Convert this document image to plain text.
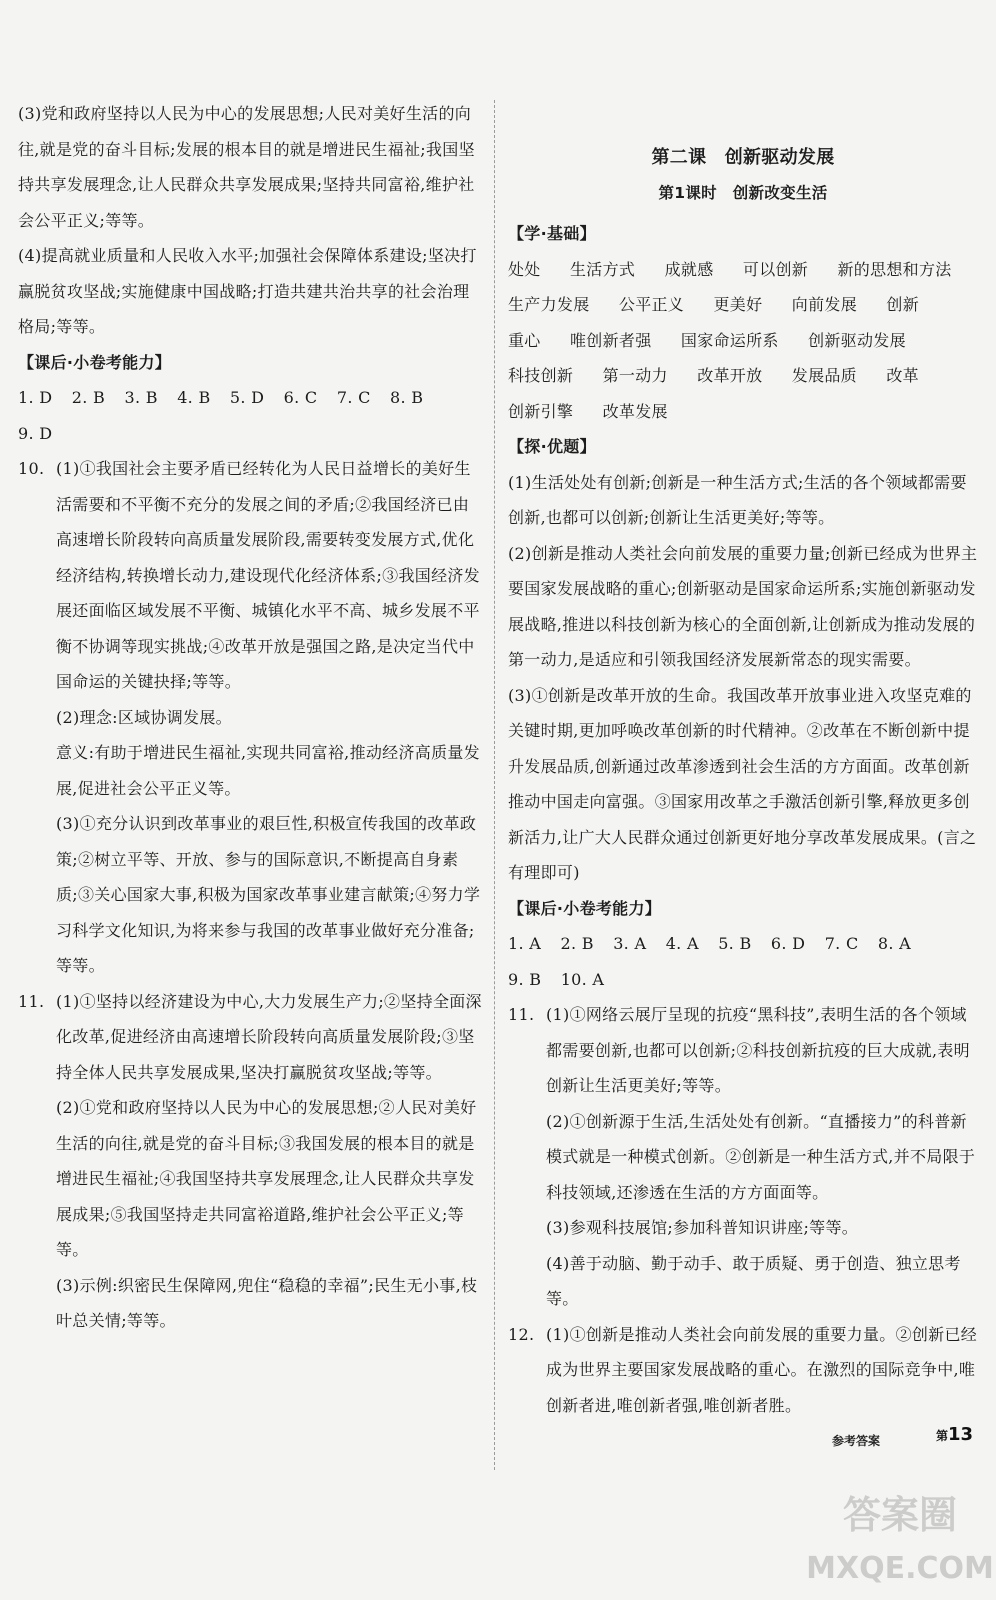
(3)党和政府坚持以人民为中心的发展思想;人民对美好生活的向往,就是党的奋斗目标;发展的根本目的就是增进民生福祉;我国坚持共享发展理念,让人民群众共享发展成果;坚持共同富裕,维护社会公平正义;等等。

(4)提高就业质量和人民收入水平;加强社会保障体系建设;坚决打赢脱贫攻坚战;实施健康中国战略;打造共建共治共享的社会治理格局;等等。

【课后·小卷考能力】

1. D 2. B 3. B 4. B 5. D 6. C 7. C 8. B

9. D

10. (1)①我国社会主要矛盾已经转化为人民日益增长的美好生活需要和不平衡不充分的发展之间的矛盾;②我国经济已由高速增长阶段转向高质量发展阶段,需要转变发展方式,优化经济结构,转换增长动力,建设现代化经济体系;③我国经济发展还面临区域发展不平衡、城镇化水平不高、城乡发展不平衡不协调等现实挑战;④改革开放是强国之路,是决定当代中国命运的关键抉择;等等。

(2)理念:区域协调发展。

意义:有助于增进民生福祉,实现共同富裕,推动经济高质量发展,促进社会公平正义等。

(3)①充分认识到改革事业的艰巨性,积极宣传我国的改革政策;②树立平等、开放、参与的国际意识,不断提高自身素质;③关心国家大事,积极为国家改革事业建言献策;④努力学习科学文化知识,为将来参与我国的改革事业做好充分准备;等等。

11. (1)①坚持以经济建设为中心,大力发展生产力;②坚持全面深化改革,促进经济由高速增长阶段转向高质量发展阶段;③坚持全体人民共享发展成果,坚决打赢脱贫攻坚战;等等。

(2)①党和政府坚持以人民为中心的发展思想;②人民对美好生活的向往,就是党的奋斗目标;③我国发展的根本目的就是增进民生福祉;④我国坚持共享发展理念,让人民群众共享发展成果;⑤我国坚持走共同富裕道路,维护社会公平正义;等等。

(3)示例:织密民生保障网,兜住“稳稳的幸福”;民生无小事,枝叶总关情;等等。

第二课　创新驱动发展

第1课时　创新改变生活

【学·基础】

处处 生活方式 成就感 可以创新 新的思想和方法

生产力发展 公平正义 更美好 向前发展 创新

重心 唯创新者强 国家命运所系 创新驱动发展

科技创新 第一动力 改革开放 发展品质 改革

创新引擎 改革发展

【探·优题】

(1)生活处处有创新;创新是一种生活方式;生活的各个领域都需要创新,也都可以创新;创新让生活更美好;等等。

(2)创新是推动人类社会向前发展的重要力量;创新已经成为世界主要国家发展战略的重心;创新驱动是国家命运所系;实施创新驱动发展战略,推进以科技创新为核心的全面创新,让创新成为推动发展的第一动力,是适应和引领我国经济发展新常态的现实需要。

(3)①创新是改革开放的生命。我国改革开放事业进入攻坚克难的关键时期,更加呼唤改革创新的时代精神。②改革在不断创新中提升发展品质,创新通过改革渗透到社会生活的方方面面。改革创新推动中国走向富强。③国家用改革之手激活创新引擎,释放更多创新活力,让广大人民群众通过创新更好地分享改革发展成果。(言之有理即可)

【课后·小卷考能力】

1. A 2. B 3. A 4. A 5. B 6. D 7. C 8. A

9. B 10. A

11. (1)①网络云展厅呈现的抗疫“黑科技”,表明生活的各个领域都需要创新,也都可以创新;②科技创新抗疫的巨大成就,表明创新让生活更美好;等等。

(2)①创新源于生活,生活处处有创新。“直播接力”的科普新模式就是一种模式创新。②创新是一种生活方式,并不局限于科技领域,还渗透在生活的方方面面等。

(3)参观科技展馆;参加科普知识讲座;等等。

(4)善于动脑、勤于动手、敢于质疑、勇于创造、独立思考等。

12. (1)①创新是推动人类社会向前发展的重要力量。②创新已经成为世界主要国家发展战略的重心。在激烈的国际竞争中,唯创新者进,唯创新者强,唯创新者胜。

参考答案	第13
答案圈
MXQE.COM
